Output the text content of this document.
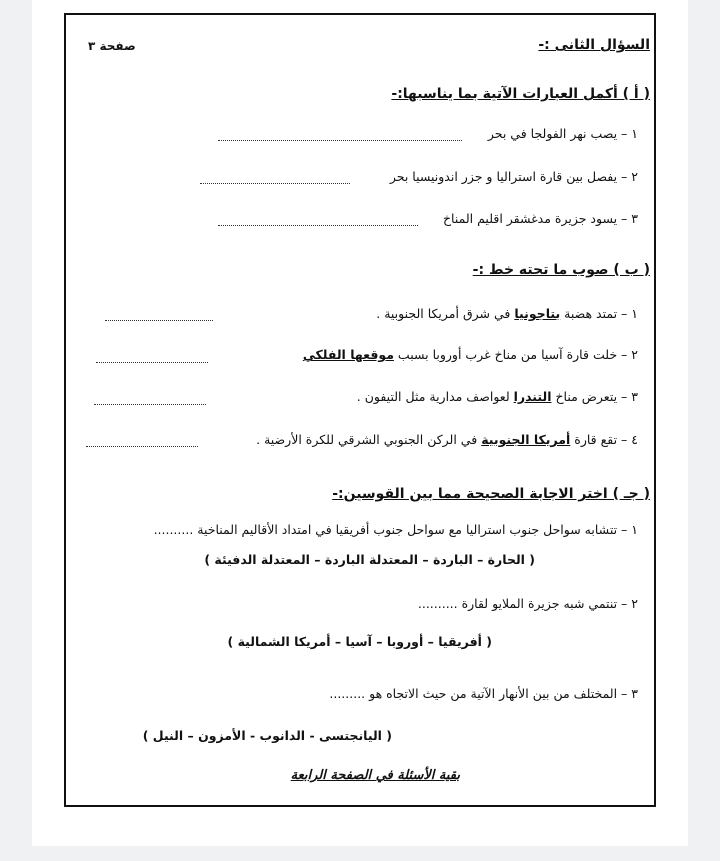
صفحة ٣	السؤال الثانى :-
( أ ) أكمل العبارات الآتية بما يناسبها:-
١ – يصب نهر الفولجا في بحر
٢ – يفصل بين قارة استراليا و جزر اندونيسيا بحر
٣ – يسود جزيرة مدغشقر اقليم المناخ
( ب ) صوب ما تحته خط :-
١ – تمتد هضبة بتاجونيا في شرق أمريكا الجنوبية .
٢ – خلت قارة آسيا من مناخ غرب أوروبا بسبب موقعها الفلكي
٣ – يتعرض مناخ التندرا لعواصف مدارية مثل التيفون .
٤ – تقع قارة أمريكا الجنوبية في الركن الجنوبي الشرقي للكرة الأرضية .
( جـ ) اختر الاجابة الصحيحة مما بين القوسين:-
١ – تتشابه سواحل جنوب استراليا مع سواحل جنوب أفريقيا في امتداد الأقاليم المناخية ..........
( الحارة – الباردة – المعتدلة الباردة – المعتدلة الدفيئة )
٢ – تنتمي شبه جزيرة الملايو لقارة ..........
( أفريقيا – أوروبا – آسيا – أمريكا الشمالية )
٣ – المختلف من بين الأنهار الآتية من حيث الاتجاه هو .........
( اليانجتسى - الدانوب - الأمزون – النيل )
بقية الأسئلة في الصفحة الرابعة
